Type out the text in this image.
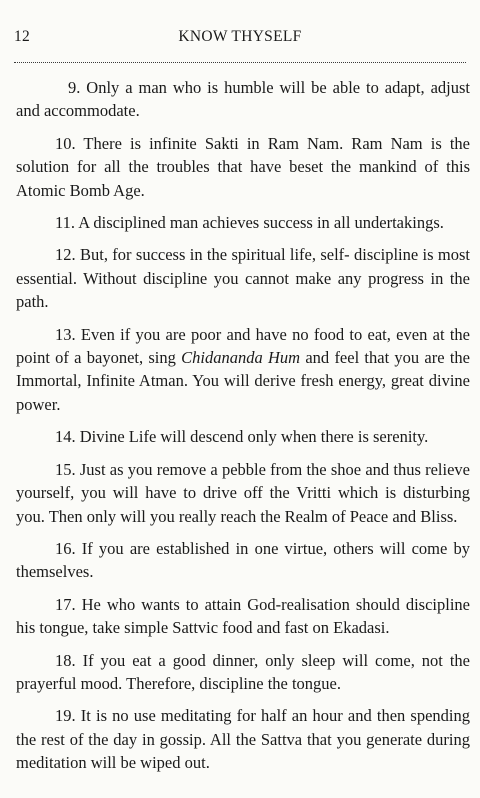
12	KNOW THYSELF

9. Only a man who is humble will be able to adapt, adjust and accommodate.

10. There is infinite Sakti in Ram Nam. Ram Nam is the solution for all the troubles that have beset the mankind of this Atomic Bomb Age.

11. A disciplined man achieves success in all undertakings.

12. But, for success in the spiritual life, self- discipline is most essential. Without discipline you cannot make any progress in the path.

13. Even if you are poor and have no food to eat, even at the point of a bayonet, sing Chidananda Hum and feel that you are the Immortal, Infinite Atman. You will derive fresh energy, great divine power.

14. Divine Life will descend only when there is serenity.

15. Just as you remove a pebble from the shoe and thus relieve yourself, you will have to drive off the Vritti which is disturbing you. Then only will you really reach the Realm of Peace and Bliss.

16. If you are established in one virtue, others will come by themselves.

17. He who wants to attain God-realisation should discipline his tongue, take simple Sattvic food and fast on Ekadasi.

18. If you eat a good dinner, only sleep will come, not the prayerful mood. Therefore, discipline the tongue.

19. It is no use meditating for half an hour and then spending the rest of the day in gossip. All the Sattva that you generate during meditation will be wiped out.
